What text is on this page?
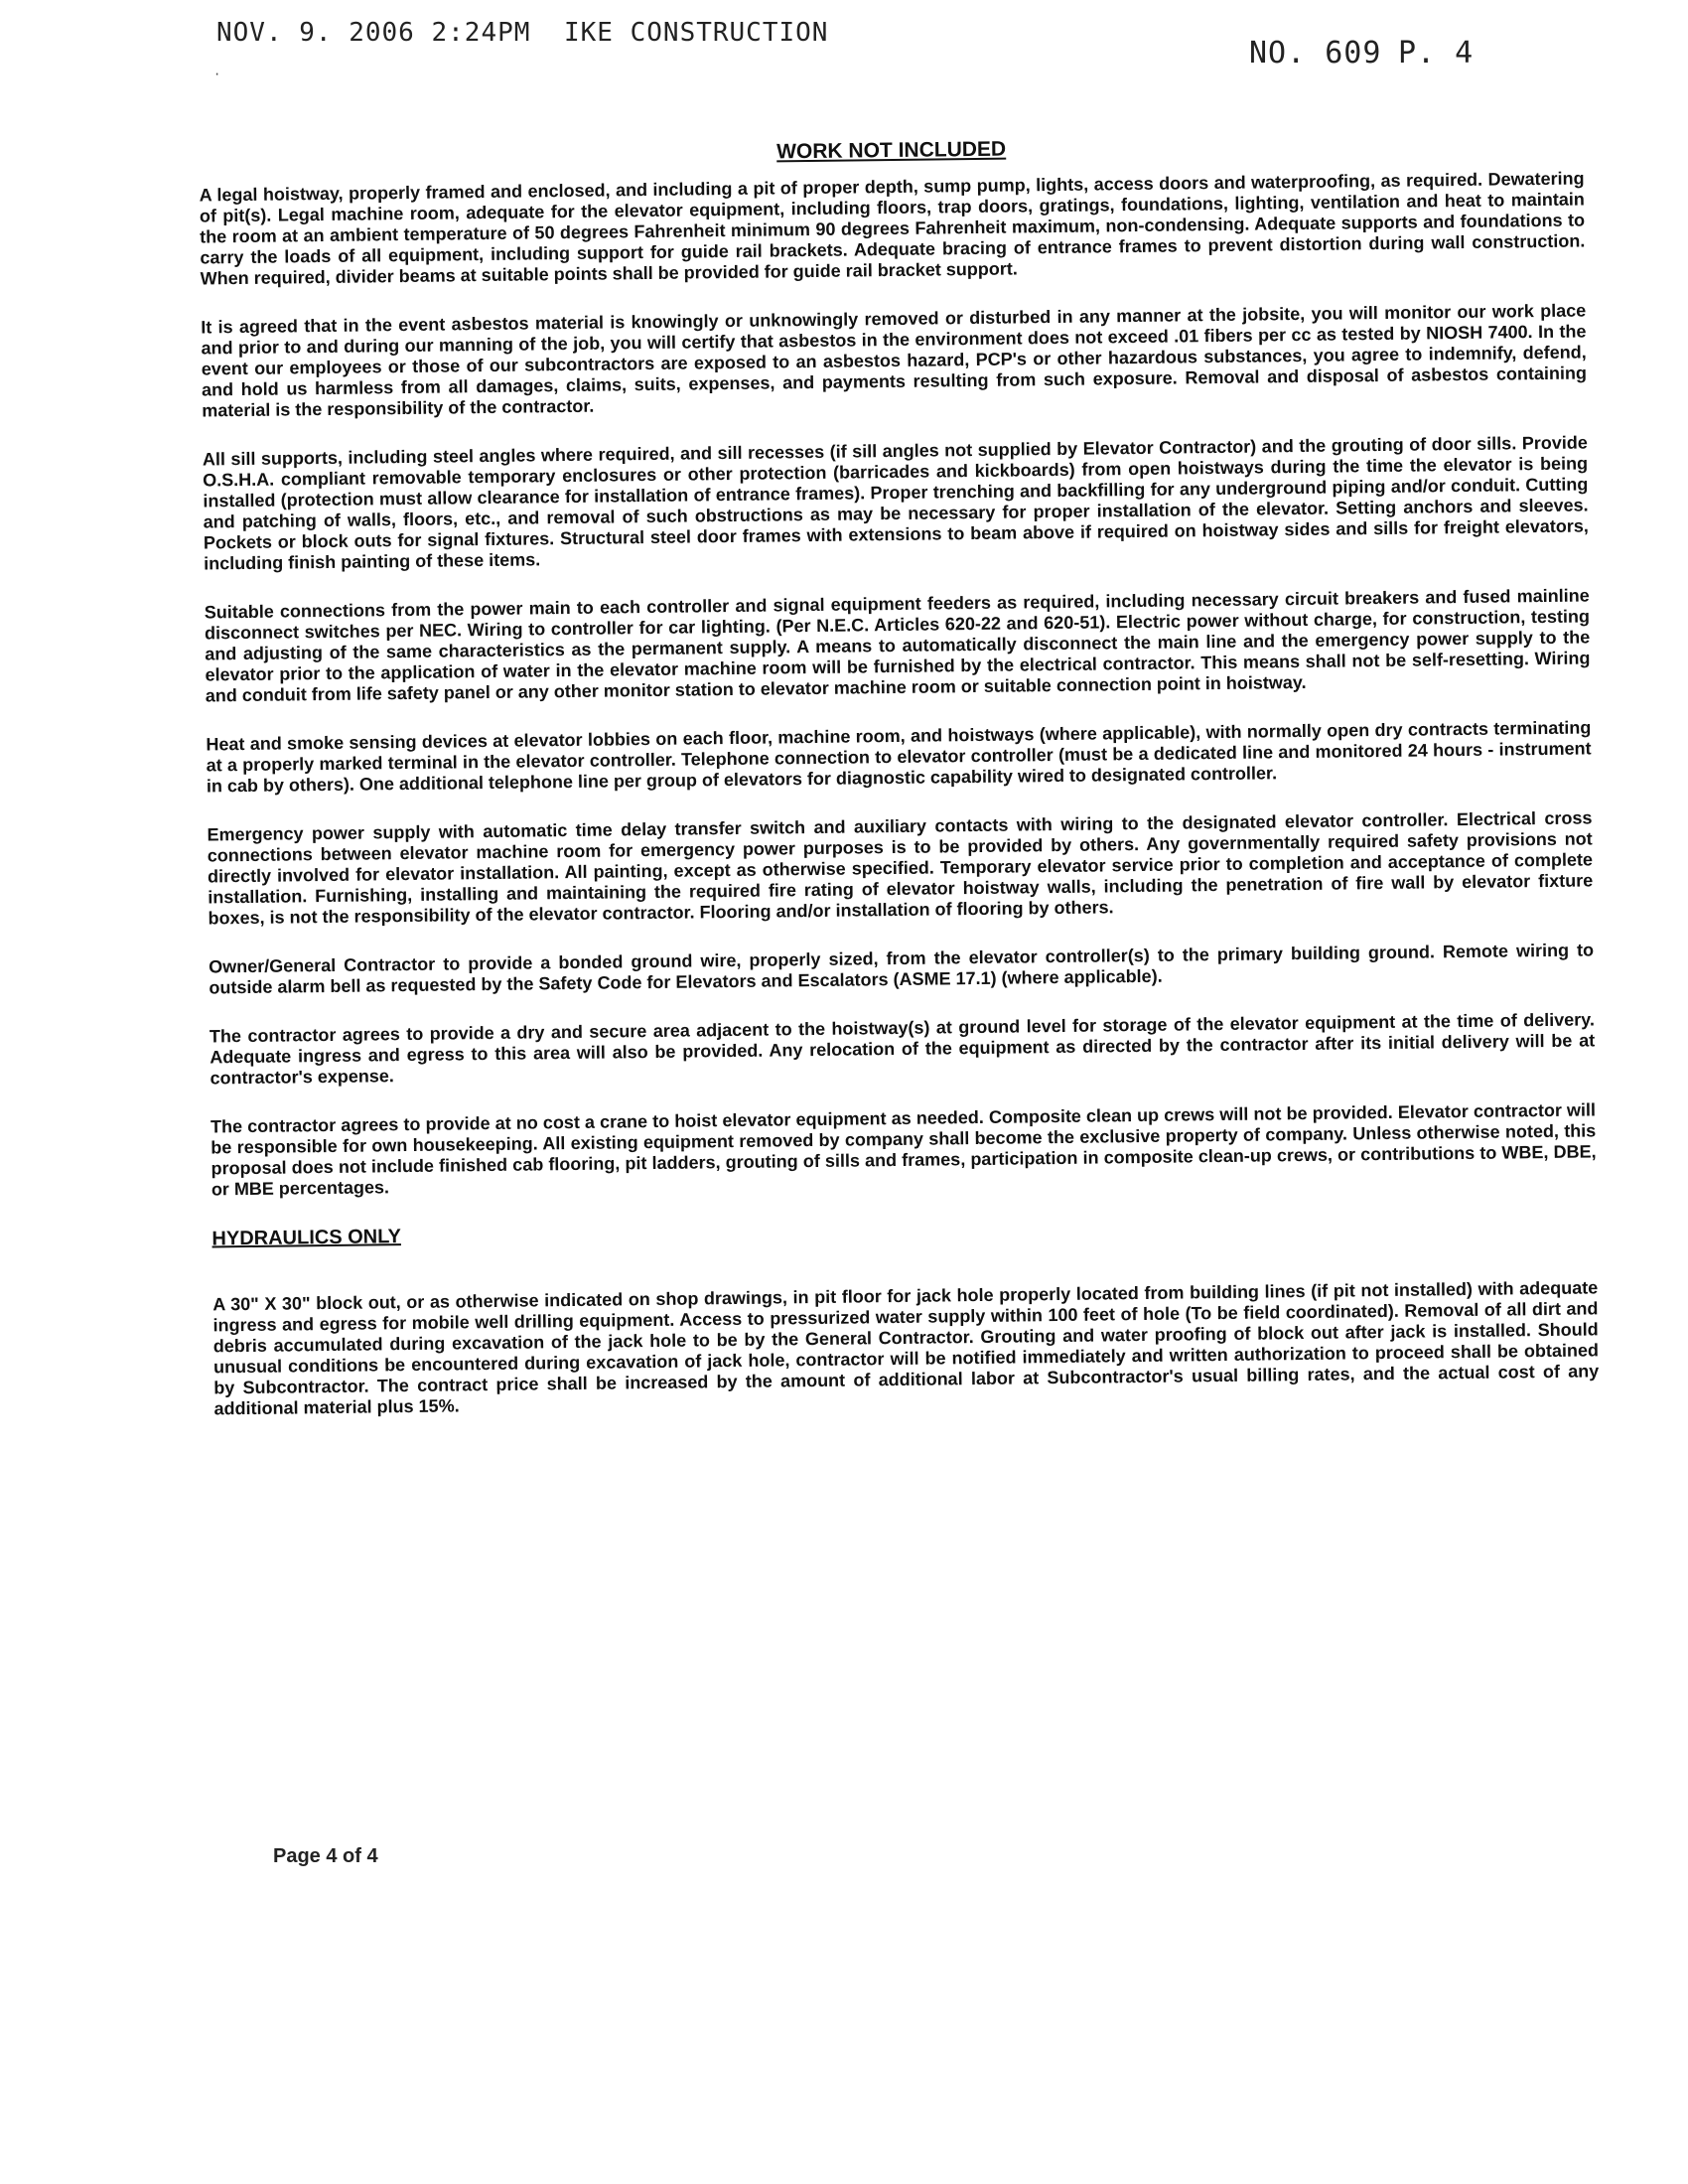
NOV. 9. 2006 2:24PM IKE CONSTRUCTION
NO. 609 P. 4
·
WORK NOT INCLUDED

A legal hoistway, properly framed and enclosed, and including a pit of proper depth, sump pump, lights, access doors and waterproofing, as required. Dewatering of pit(s). Legal machine room, adequate for the elevator equipment, including floors, trap doors, gratings, foundations, lighting, ventilation and heat to maintain the room at an ambient temperature of 50 degrees Fahrenheit minimum 90 degrees Fahrenheit maximum, non-condensing. Adequate supports and foundations to carry the loads of all equipment, including support for guide rail brackets. Adequate bracing of entrance frames to prevent distortion during wall construction. When required, divider beams at suitable points shall be provided for guide rail bracket support.

It is agreed that in the event asbestos material is knowingly or unknowingly removed or disturbed in any manner at the jobsite, you will monitor our work place and prior to and during our manning of the job, you will certify that asbestos in the environment does not exceed .01 fibers per cc as tested by NIOSH 7400. In the event our employees or those of our subcontractors are exposed to an asbestos hazard, PCP's or other hazardous substances, you agree to indemnify, defend, and hold us harmless from all damages, claims, suits, expenses, and payments resulting from such exposure. Removal and disposal of asbestos containing material is the responsibility of the contractor.

All sill supports, including steel angles where required, and sill recesses (if sill angles not supplied by Elevator Contractor) and the grouting of door sills. Provide O.S.H.A. compliant removable temporary enclosures or other protection (barricades and kickboards) from open hoistways during the time the elevator is being installed (protection must allow clearance for installation of entrance frames). Proper trenching and backfilling for any underground piping and/or conduit. Cutting and patching of walls, floors, etc., and removal of such obstructions as may be necessary for proper installation of the elevator. Setting anchors and sleeves. Pockets or block outs for signal fixtures. Structural steel door frames with extensions to beam above if required on hoistway sides and sills for freight elevators, including finish painting of these items.

Suitable connections from the power main to each controller and signal equipment feeders as required, including necessary circuit breakers and fused mainline disconnect switches per NEC. Wiring to controller for car lighting. (Per N.E.C. Articles 620-22 and 620-51). Electric power without charge, for construction, testing and adjusting of the same characteristics as the permanent supply. A means to automatically disconnect the main line and the emergency power supply to the elevator prior to the application of water in the elevator machine room will be furnished by the electrical contractor. This means shall not be self-resetting. Wiring and conduit from life safety panel or any other monitor station to elevator machine room or suitable connection point in hoistway.

Heat and smoke sensing devices at elevator lobbies on each floor, machine room, and hoistways (where applicable), with normally open dry contracts terminating at a properly marked terminal in the elevator controller. Telephone connection to elevator controller (must be a dedicated line and monitored 24 hours - instrument in cab by others). One additional telephone line per group of elevators for diagnostic capability wired to designated controller.

Emergency power supply with automatic time delay transfer switch and auxiliary contacts with wiring to the designated elevator controller. Electrical cross connections between elevator machine room for emergency power purposes is to be provided by others. Any governmentally required safety provisions not directly involved for elevator installation. All painting, except as otherwise specified. Temporary elevator service prior to completion and acceptance of complete installation. Furnishing, installing and maintaining the required fire rating of elevator hoistway walls, including the penetration of fire wall by elevator fixture boxes, is not the responsibility of the elevator contractor. Flooring and/or installation of flooring by others.

Owner/General Contractor to provide a bonded ground wire, properly sized, from the elevator controller(s) to the primary building ground. Remote wiring to outside alarm bell as requested by the Safety Code for Elevators and Escalators (ASME 17.1) (where applicable).

The contractor agrees to provide a dry and secure area adjacent to the hoistway(s) at ground level for storage of the elevator equipment at the time of delivery. Adequate ingress and egress to this area will also be provided. Any relocation of the equipment as directed by the contractor after its initial delivery will be at contractor's expense.

The contractor agrees to provide at no cost a crane to hoist elevator equipment as needed. Composite clean up crews will not be provided. Elevator contractor will be responsible for own housekeeping. All existing equipment removed by company shall become the exclusive property of company. Unless otherwise noted, this proposal does not include finished cab flooring, pit ladders, grouting of sills and frames, participation in composite clean-up crews, or contributions to WBE, DBE, or MBE percentages.

HYDRAULICS ONLY

A 30" X 30" block out, or as otherwise indicated on shop drawings, in pit floor for jack hole properly located from building lines (if pit not installed) with adequate ingress and egress for mobile well drilling equipment. Access to pressurized water supply within 100 feet of hole (To be field coordinated). Removal of all dirt and debris accumulated during excavation of the jack hole to be by the General Contractor. Grouting and water proofing of block out after jack is installed. Should unusual conditions be encountered during excavation of jack hole, contractor will be notified immediately and written authorization to proceed shall be obtained by Subcontractor. The contract price shall be increased by the amount of additional labor at Subcontractor's usual billing rates, and the actual cost of any additional material plus 15%.

Page 4 of 4
